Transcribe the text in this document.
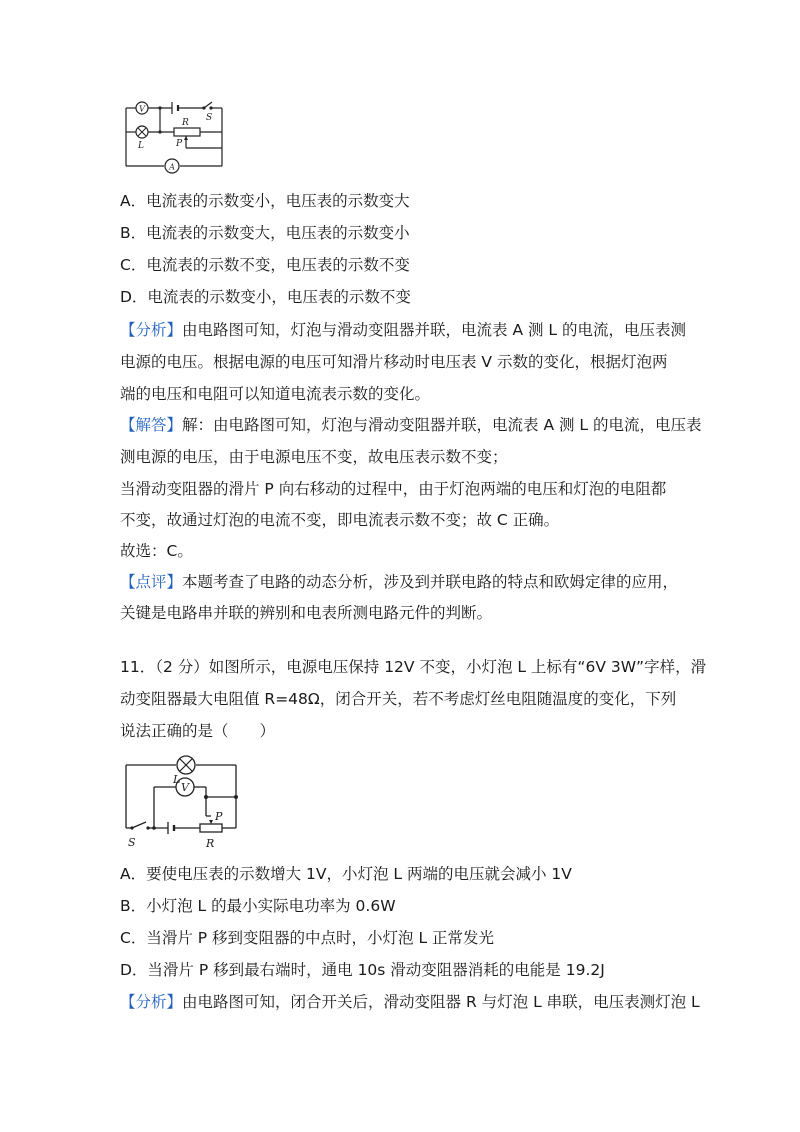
V
A
S
R
P
L
A．电流表的示数变小，电压表的示数变大
B．电流表的示数变大，电压表的示数变小
C．电流表的示数不变，电压表的示数不变
D．电流表的示数变小，电压表的示数不变
【分析】由电路图可知，灯泡与滑动变阻器并联，电流表 A 测 L 的电流，电压表测
电源的电压。根据电源的电压可知滑片移动时电压表 V 示数的变化，根据灯泡两
端的电压和电阻可以知道电流表示数的变化。
【解答】解：由电路图可知，灯泡与滑动变阻器并联，电流表 A 测 L 的电流，电压表
测电源的电压，由于电源电压不变，故电压表示数不变；
当滑动变阻器的滑片 P 向右移动的过程中，由于灯泡两端的电压和灯泡的电阻都
不变，故通过灯泡的电流不变，即电流表示数不变；故 C 正确。
故选：C。
【点评】本题考查了电路的动态分析，涉及到并联电路的特点和欧姆定律的应用，
关键是电路串并联的辨别和电表所测电路元件的判断。
11．（2 分）如图所示，电源电压保持 12V 不变，小灯泡 L 上标有“6V 3W”字样，滑
动变阻器最大电阻值 R=48Ω，闭合开关，若不考虑灯丝电阻随温度的变化，下列
说法正确的是（　　）
V
L
P
R
S
A．要使电压表的示数增大 1V，小灯泡 L 两端的电压就会减小 1V
B．小灯泡 L 的最小实际电功率为 0.6W
C．当滑片 P 移到变阻器的中点时，小灯泡 L 正常发光
D．当滑片 P 移到最右端时，通电 10s 滑动变阻器消耗的电能是 19.2J
【分析】由电路图可知，闭合开关后，滑动变阻器 R 与灯泡 L 串联，电压表测灯泡 L
